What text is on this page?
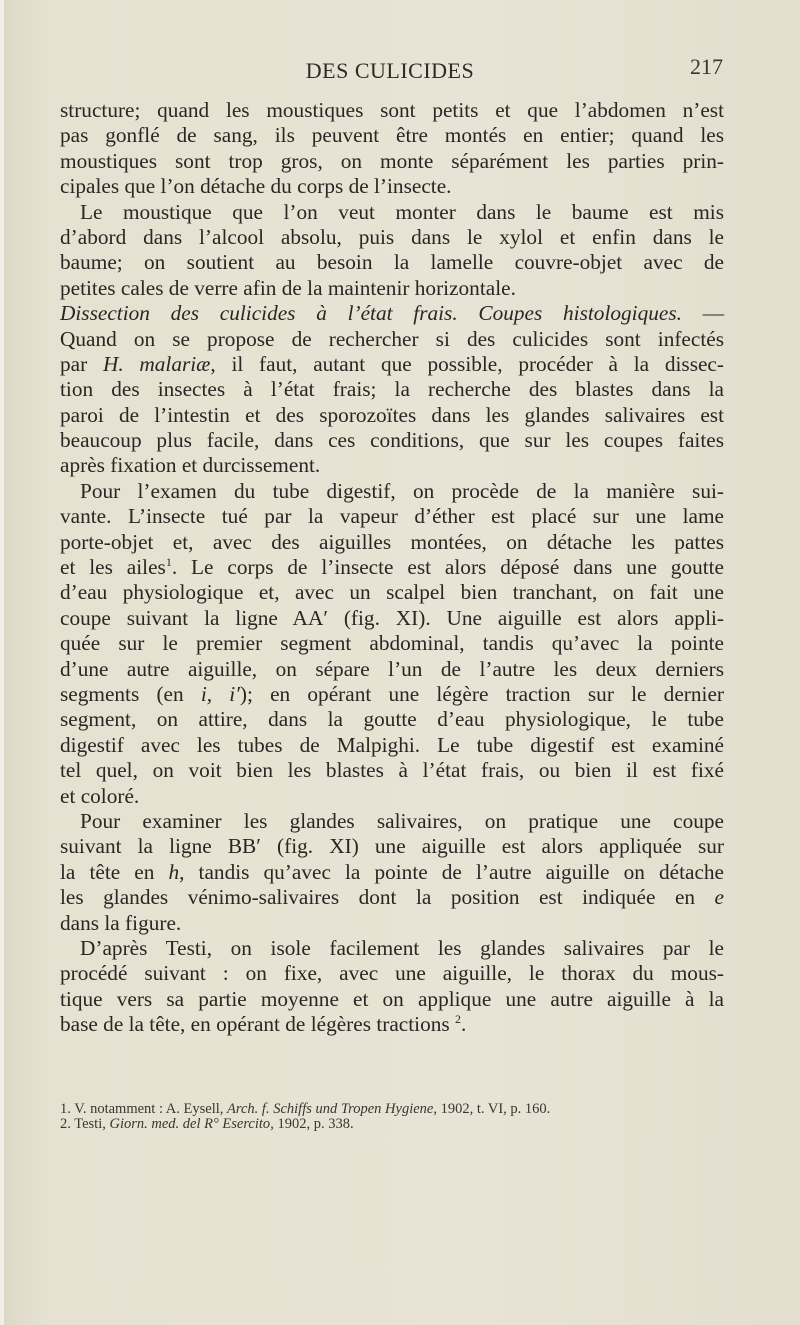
DES CULICIDES	217
structure; quand les moustiques sont petits et que l’abdomen n’est
pas gonflé de sang, ils peuvent être montés en entier; quand les
moustiques sont trop gros, on monte séparément les parties prin-
cipales que l’on détache du corps de l’insecte.
Le moustique que l’on veut monter dans le baume est mis
d’abord dans l’alcool absolu, puis dans le xylol et enfin dans le
baume; on soutient au besoin la lamelle couvre-objet avec de
petites cales de verre afin de la maintenir horizontale.
Dissection des culicides à l’état frais. Coupes histologiques. —
Quand on se propose de rechercher si des culicides sont infectés
par H. malariæ, il faut, autant que possible, procéder à la dissec-
tion des insectes à l’état frais; la recherche des blastes dans la
paroi de l’intestin et des sporozoïtes dans les glandes salivaires est
beaucoup plus facile, dans ces conditions, que sur les coupes faites
après fixation et durcissement.
Pour l’examen du tube digestif, on procède de la manière sui-
vante. L’insecte tué par la vapeur d’éther est placé sur une lame
porte-objet et, avec des aiguilles montées, on détache les pattes
et les ailes$^1$. Le corps de l’insecte est alors déposé dans une goutte
d’eau physiologique et, avec un scalpel bien tranchant, on fait une
coupe suivant la ligne AA′ (fig. XI). Une aiguille est alors appli-
quée sur le premier segment abdominal, tandis qu’avec la pointe
d’une autre aiguille, on sépare l’un de l’autre les deux derniers
segments (en i, i′); en opérant une légère traction sur le dernier
segment, on attire, dans la goutte d’eau physiologique, le tube
digestif avec les tubes de Malpighi. Le tube digestif est examiné
tel quel, on voit bien les blastes à l’état frais, ou bien il est fixé
et coloré.
Pour examiner les glandes salivaires, on pratique une coupe
suivant la ligne BB′ (fig. XI) une aiguille est alors appliquée sur
la tête en h, tandis qu’avec la pointe de l’autre aiguille on détache
les glandes vénimo-salivaires dont la position est indiquée en e
dans la figure.
D’après Testi, on isole facilement les glandes salivaires par le
procédé suivant : on fixe, avec une aiguille, le thorax du mous-
tique vers sa partie moyenne et on applique une autre aiguille à la
base de la tête, en opérant de légères tractions $^2$.
1. V. notamment : A. Eysell, Arch. f. Schiffs und Tropen Hygiene, 1902, t. VI, p. 160.
2. Testi, Giorn. med. del R° Esercito, 1902, p. 338.
